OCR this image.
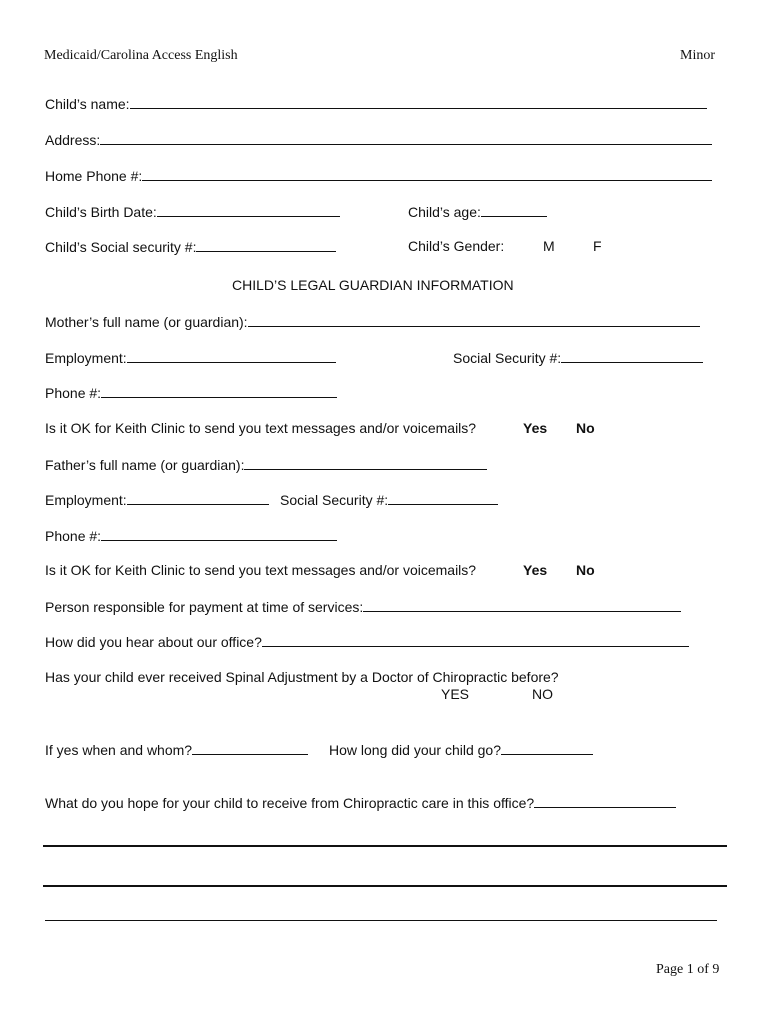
Medicaid/Carolina Access English	Minor
Child’s name:
Address:
Home Phone #:
Child’s Birth Date:	Child’s age:
Child’s Social security #:	Child’s Gender:	M	F
CHILD’S LEGAL GUARDIAN INFORMATION
Mother’s full name (or guardian):
Employment:	Social Security #:
Phone #:
Is it OK for Keith Clinic to send you text messages and/or voicemails?	Yes No
Father’s full name (or guardian):
Employment:	Social Security #:
Phone #:
Is it OK for Keith Clinic to send you text messages and/or voicemails?	Yes No
Person responsible for payment at time of services:
How did you hear about our office?
Has your child ever received Spinal Adjustment by a Doctor of Chiropractic before?
YES	NO
If yes when and whom?	How long did your child go?
What do you hope for your child to receive from Chiropractic care in this office?
Page 1 of 9
